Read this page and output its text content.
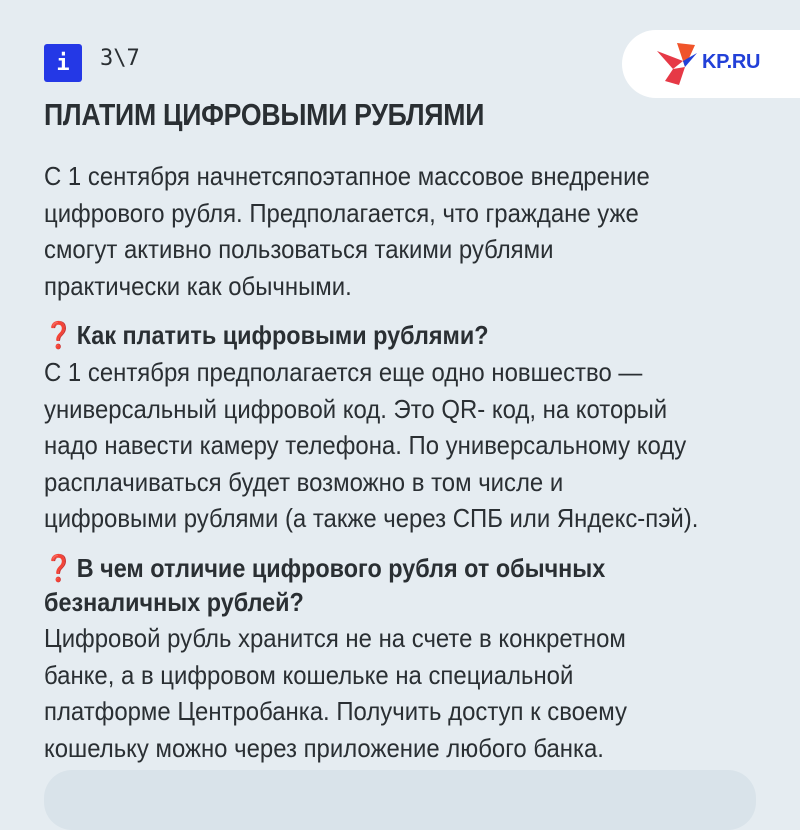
i	3\7	KP.RU
ПЛАТИМ ЦИФРОВЫМИ РУБЛЯМИ

С 1 сентября начнетсяпоэтапное массовое внедрение
цифрового рубля. Предполагается, что граждане уже
смогут активно пользоваться такими рублями
практически как обычными.

❓ Как платить цифровыми рублями?

С 1 сентября предполагается еще одно новшество —
универсальный цифровой код. Это QR- код, на который
надо навести камеру телефона. По универсальному коду
расплачиваться будет возможно в том числе и
цифровыми рублями (а также через СПБ или Яндекс-пэй).

❓ В чем отличие цифрового рубля от обычных
безналичных рублей?

Цифровой рубль хранится не на счете в конкретном
банке, а в цифровом кошельке на специальной
платформе Центробанка. Получить доступ к своему
кошельку можно через приложение любого банка.
